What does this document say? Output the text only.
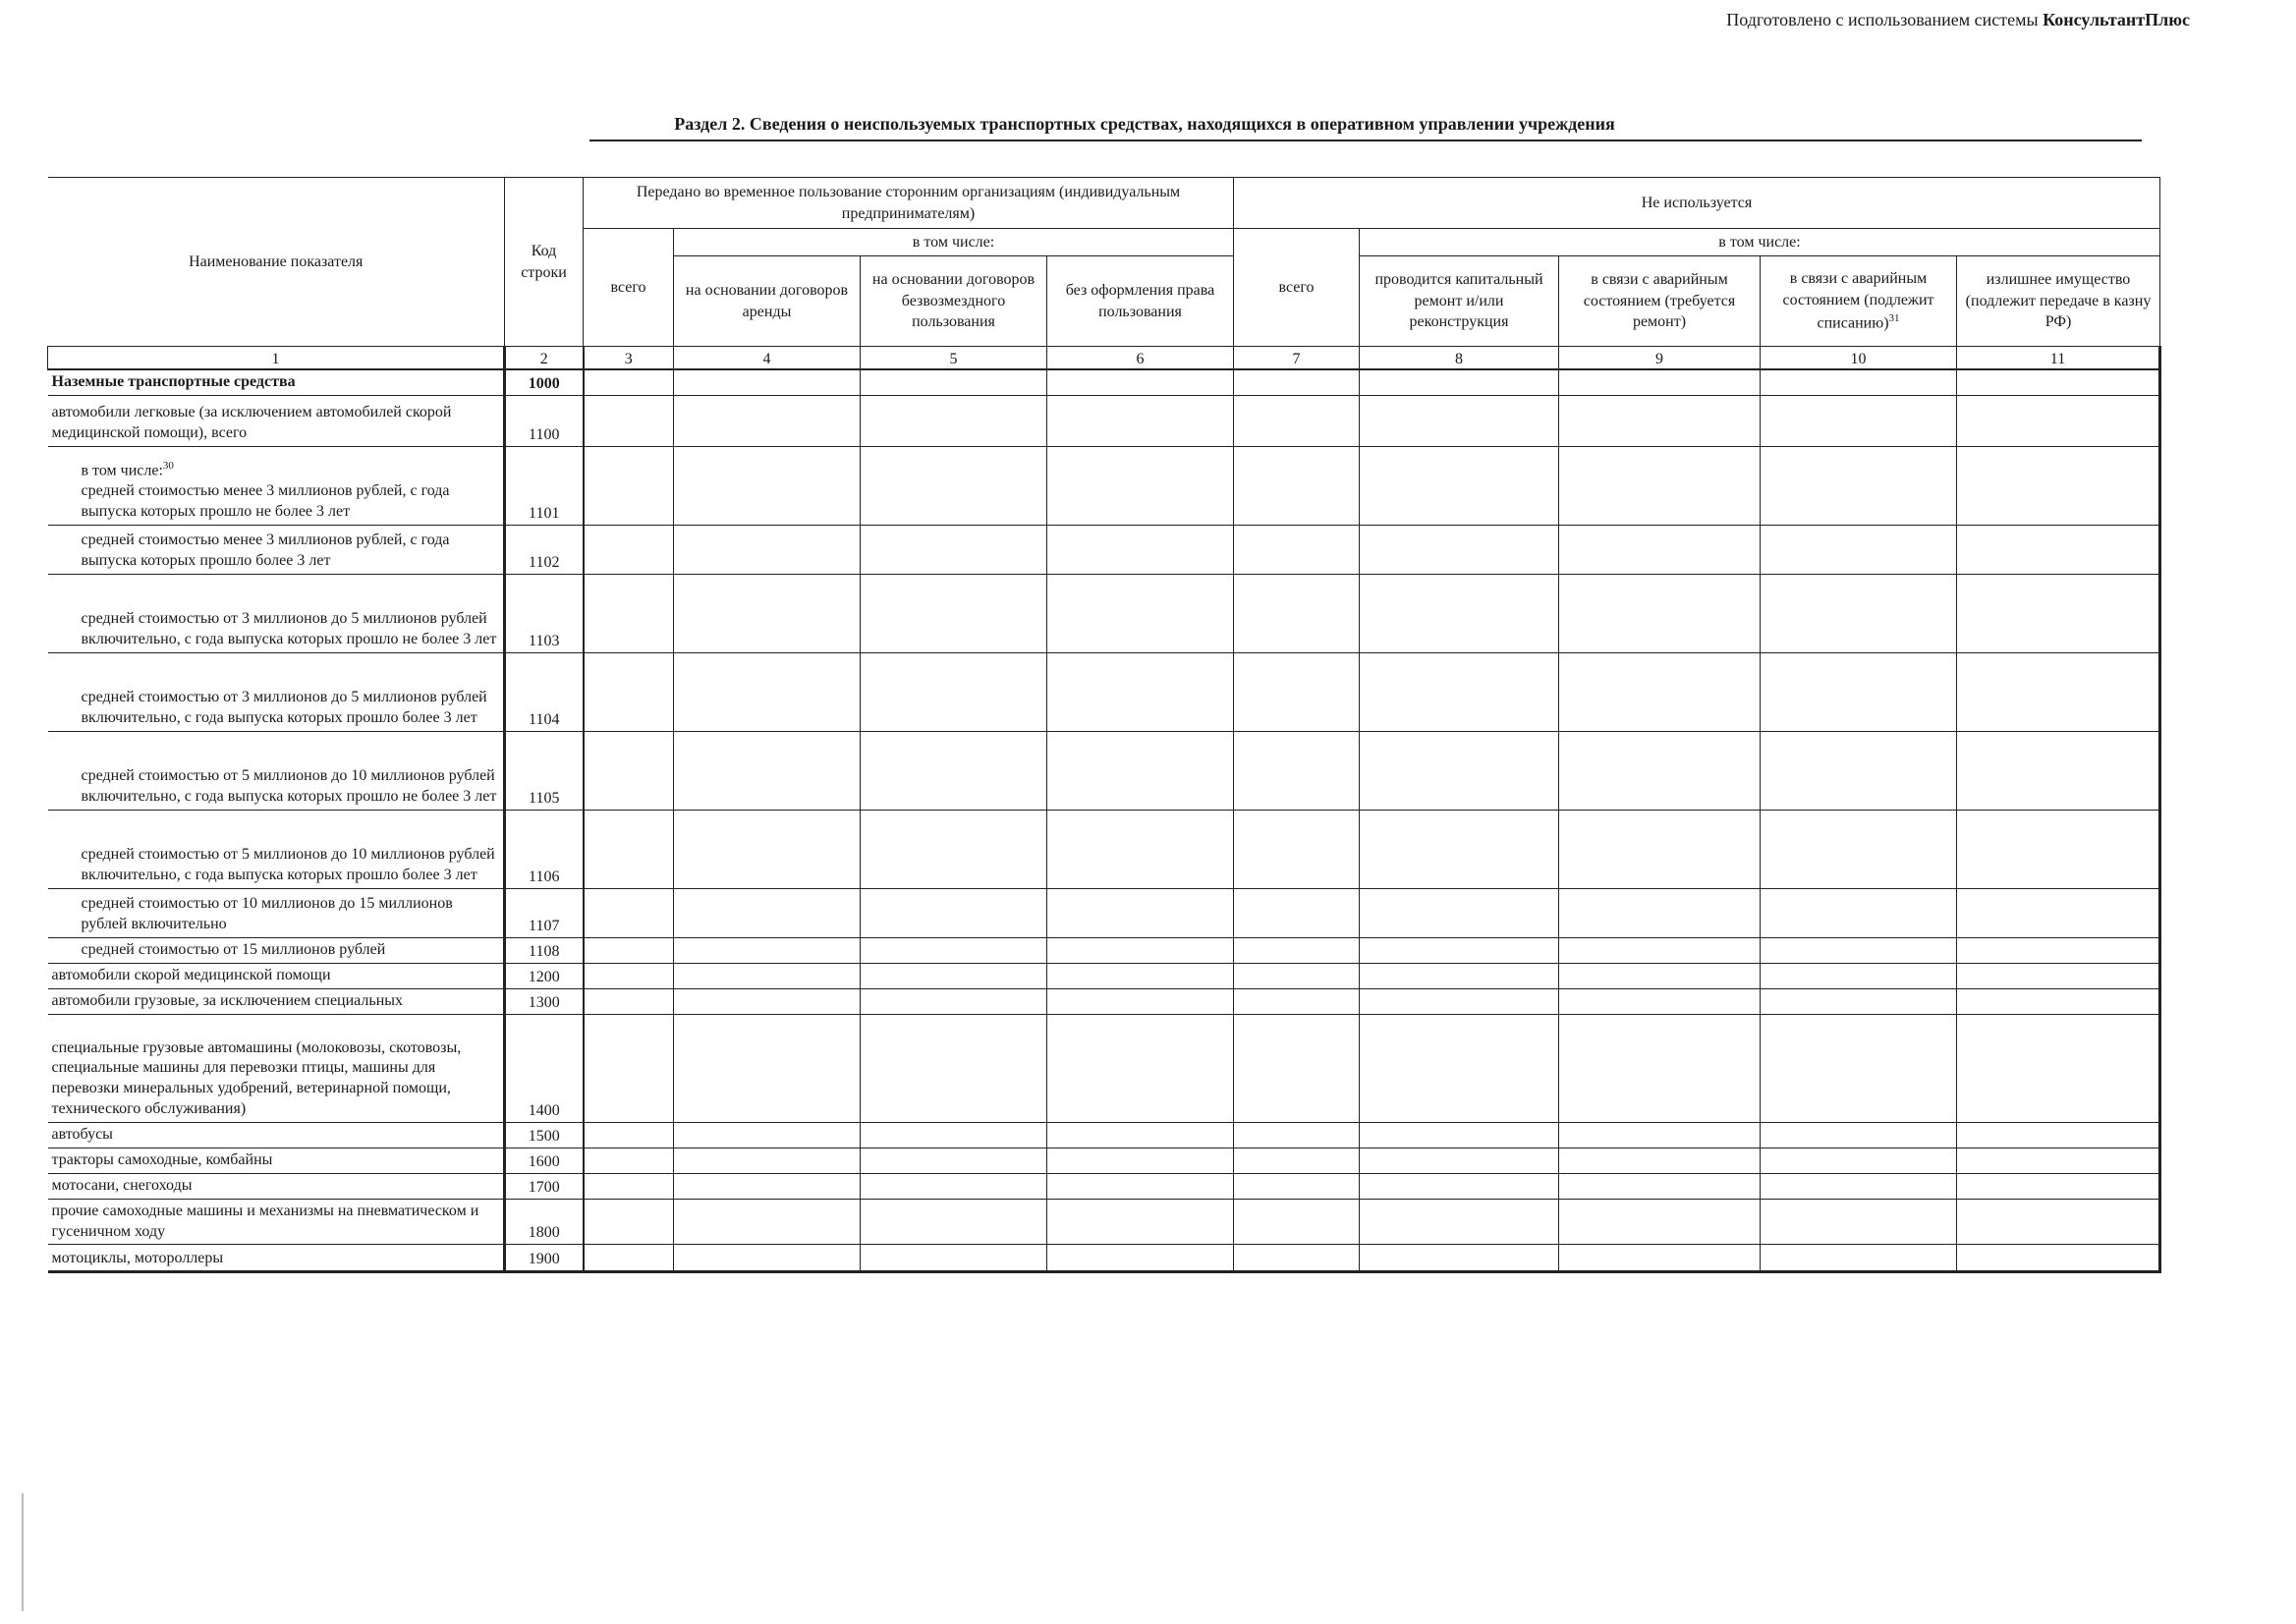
Подготовлено с использованием системы КонсультантПлюс
Раздел 2. Сведения о неиспользуемых транспортных средствах, находящихся в оперативном управлении учреждения
Наименование показателя	Код строки	Передано во временное пользование сторонним организациям (индивидуальным предпринимателям)				Не используется				
		всего	в том числе:			всего	в том числе:			
			на основании договоров аренды	на основании договоров безвозмездного пользования	без оформления права пользования		проводится капитальный ремонт и/или реконструкция	в связи с аварийным состоянием (требуется ремонт)	в связи с аварийным состоянием (подлежит списанию)$^{31}$	излишнее имущество (подлежит передаче в казну РФ)
1	2	3	4	5	6	7	8	9	10	11
Наземные транспортные средства	1000									
автомобили легковые (за исключением автомобилей скорой медицинской помощи), всего	1100									

в том числе:$^{30}$
средней стоимостью менее 3 миллионов рублей, с года выпуска которых прошло не более 3 лет	1101									
средней стоимостью менее 3 миллионов рублей, с года выпуска которых прошло более 3 лет	1102									
средней стоимостью от 3 миллионов до 5 миллионов рублей включительно, с года выпуска которых прошло не более 3 лет	1103									
средней стоимостью от 3 миллионов до 5 миллионов рублей включительно, с года выпуска которых прошло более 3 лет	1104									
средней стоимостью от 5 миллионов до 10 миллионов рублей включительно, с года выпуска которых прошло не более 3 лет	1105									
средней стоимостью от 5 миллионов до 10 миллионов рублей включительно, с года выпуска которых прошло более 3 лет	1106									
средней стоимостью от 10 миллионов до 15 миллионов рублей включительно	1107									
средней стоимостью от 15 миллионов рублей	1108									
автомобили скорой медицинской помощи	1200									
автомобили грузовые, за исключением специальных	1300									
специальные грузовые автомашины (молоковозы, скотовозы, специальные машины для перевозки птицы, машины для перевозки минеральных удобрений, ветеринарной помощи, технического обслуживания)	1400									
автобусы	1500									
тракторы самоходные, комбайны	1600									
мотосани, снегоходы	1700									
прочие самоходные машины и механизмы на пневматическом и гусеничном ходу	1800									
мотоциклы, мотороллеры	1900									
